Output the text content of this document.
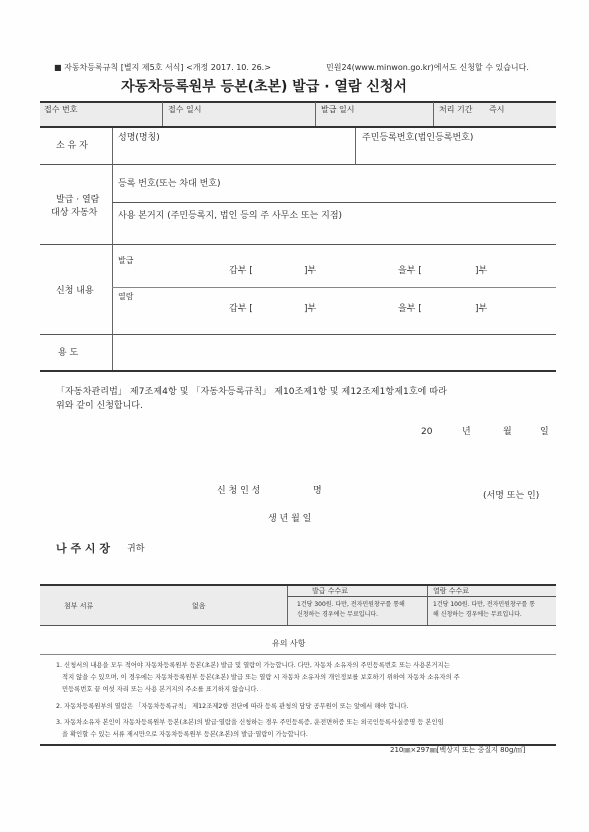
■ 자동차등록규칙 [별지 제5호 서식] <개정 2017. 10. 26.>	민원24(www.minwon.go.kr)에서도 신청할 수 있습니다.
자동차등록원부 등본(초본) 발급 · 열람 신청서
접수 번호	접수 일시	발급 일시	처리 기간 즉시
소 유 자
성명(명칭)	주민등록번호(법인등록번호)
발급 · 열람
대상 자동차
등록 번호(또는 차대 번호)
사용 본거지 (주민등록지, 법인 등의 주 사무소 또는 지점)
신청 내용
발급
갑부 [	]부	을부 [	]부
열람
갑부 [	]부	을부 [	]부
용 도
「자동차관리법」 제7조제4항 및 「자동차등록규칙」 제10조제1항 및 제12조제1항제1호에 따라
위와 같이 신청합니다.
20	년	월	일
신 청 인 성	명	(서명 또는 인)
생 년 월 일
나 주 시 장 귀하
첨부 서류	없음
발급 수수료	열람 수수료
1건당 300원. 다만, 전자민원창구를 통해
신청하는 경우에는 무료입니다.
1건당 100원. 다만, 전자민원창구를 통
해 신청하는 경우에는 무료입니다.
유의 사항
1. 신청서의 내용을 모두 적어야 자동차등록원부 등본(초본) 발급 및 열람이 가능합니다. 다만, 자동차 소유자의 주민등록번호 또는 사용본거지는
적지 않을 수 있으며, 이 경우에는 자동차등록원부 등본(초본) 발급 또는 열람 시 자동차 소유자의 개인정보를 보호하기 위하여 자동차 소유자의 주
민등록번호 끝 여섯 자리 또는 사용 본거지의 주소를 표기하지 않습니다.
2. 자동차등록원부의 열람은 「자동차등록규칙」 제12조제2항 전단에 따라 등록 관청의 담당 공무원이 또는 앞에서 해야 합니다.
3. 자동차소유자 본인이 자동차등록원부 등본(초본)의 발급·열람을 신청하는 경우 주민등록증, 운전면허증 또는 외국인등록사실증명 등 본인임
을 확인할 수 있는 서류 제시만으로 자동차등록원부 등본(초본)의 발급·열람이 가능합니다.
210㎜×297㎜[백상지 또는 중질지 80g/㎡]
